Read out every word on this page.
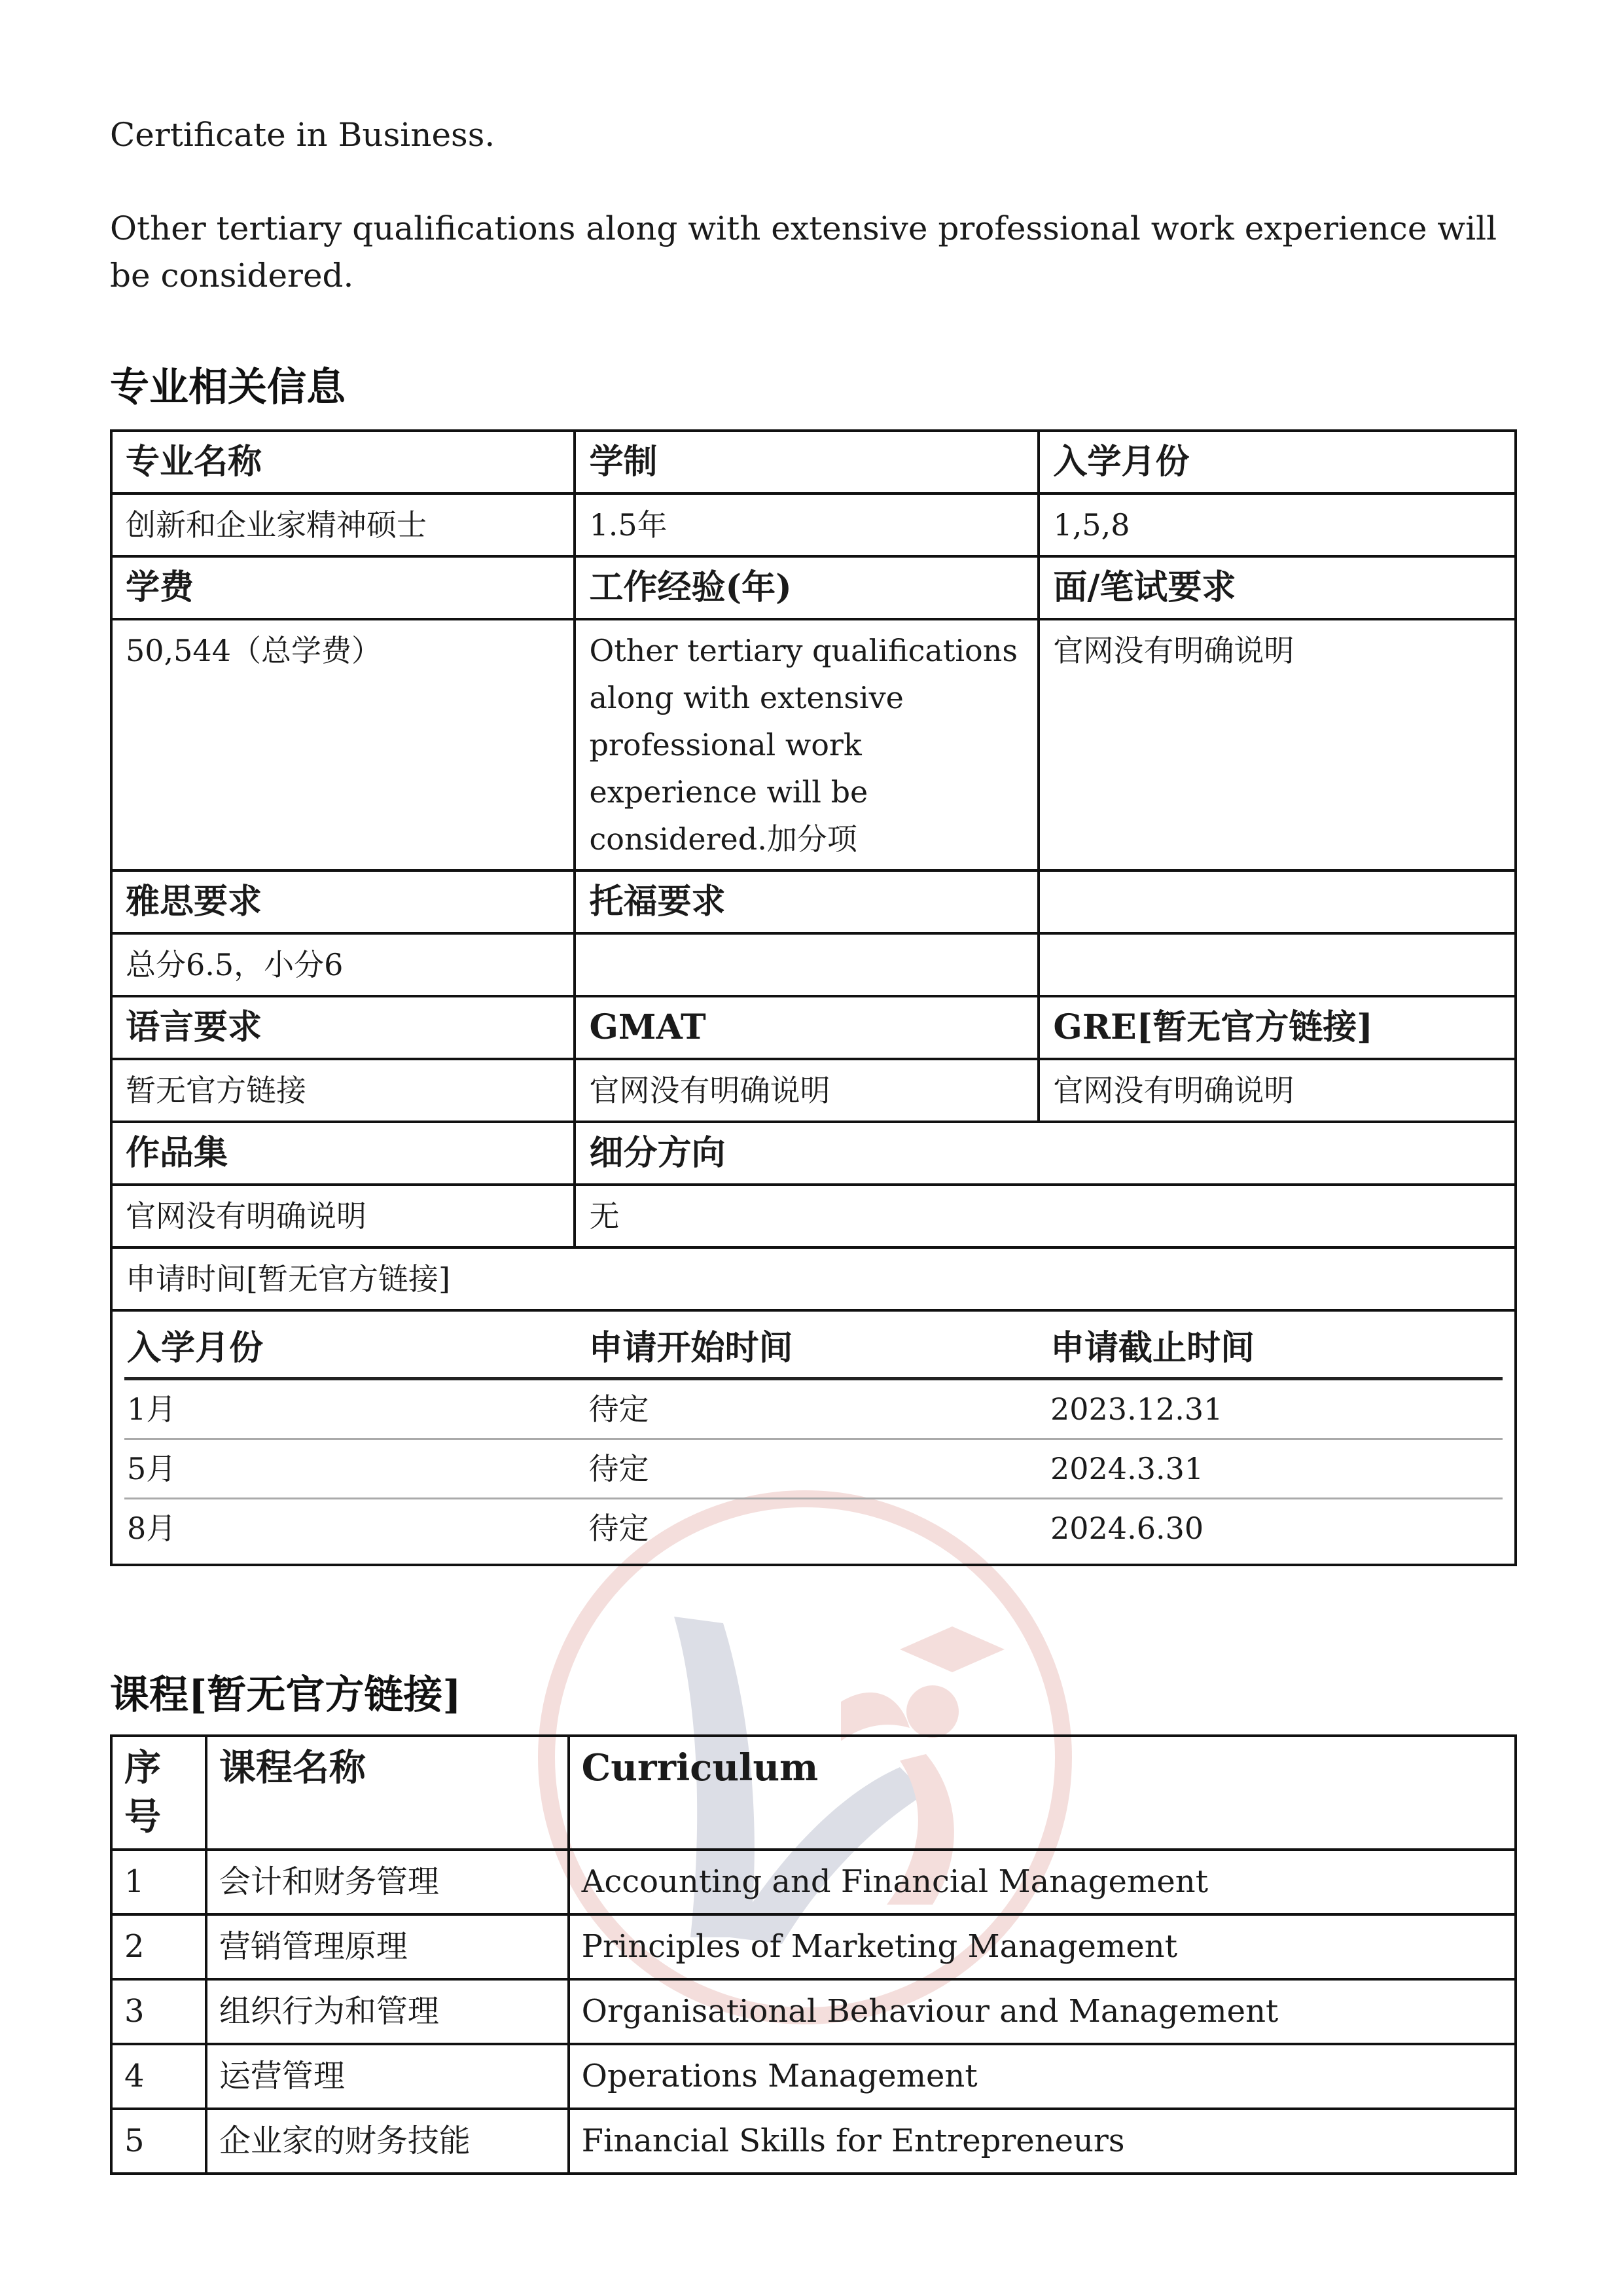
Certificate in Business.

Other tertiary qualifications along with extensive professional work experience will be considered.

专业相关信息
专业名称	学制	入学月份
创新和企业家精神硕士	1.5年	1,5,8
学费	工作经验(年)	面/笔试要求
50,544（总学费）	Other tertiary qualifications along with extensive professional work experience will be considered.加分项	官网没有明确说明
雅思要求	托福要求	
总分6.5，小分6		
语言要求	GMAT	GRE[暂无官方链接]
暂无官方链接	官网没有明确说明	官网没有明确说明
作品集	细分方向
官网没有明确说明	无
申请时间[暂无官方链接]

入学月份	申请开始时间	申请截止时间
1月	待定	2023.12.31
5月	待定	2024.3.31
8月	待定	2024.6.30
课程[暂无官方链接]
序号	课程名称	Curriculum
1	会计和财务管理	Accounting and Financial Management
2	营销管理原理	Principles of Marketing Management
3	组织行为和管理	Organisational Behaviour and Management
4	运营管理	Operations Management
5	企业家的财务技能	Financial Skills for Entrepreneurs
